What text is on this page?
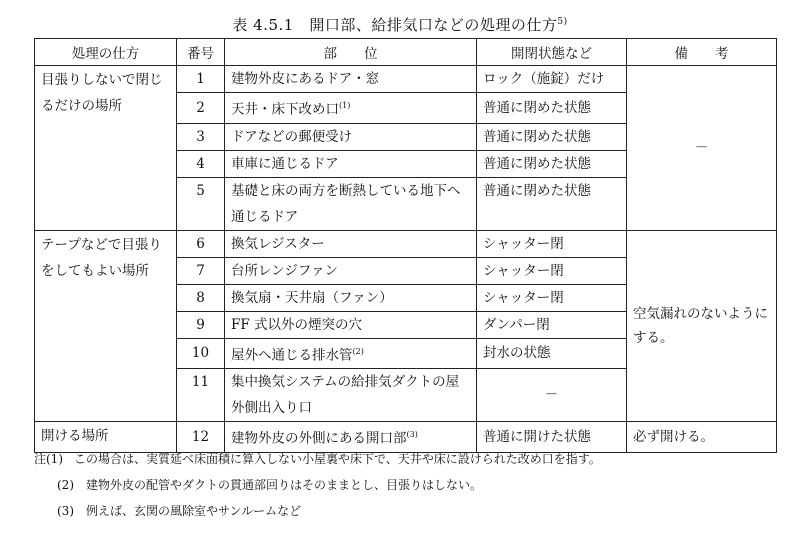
表 4.5.1　開口部、給排気口などの処理の仕方$^{5)}$
処理の仕方	番号	部　　位	開閉状態など	備　　考
目張りしないで閉じるだけの場所	1	建物外皮にあるドア・窓	ロック（施錠）だけ	－
	2	天井・床下改め口$^{(1)}$	普通に閉めた状態	
	3	ドアなどの郵便受け	普通に閉めた状態	
	4	車庫に通じるドア	普通に閉めた状態	
	5	基礎と床の両方を断熱している地下へ通じるドア	普通に閉めた状態	

テープなどで目張りをしてもよい場所	6	換気レジスター	シャッター閉	空気漏れのないようにする。
	7	台所レンジファン	シャッター閉	
	8	換気扇・天井扇（ファン）	シャッター閉	
	9	FF 式以外の煙突の穴	ダンパー閉	
	10	屋外へ通じる排水管$^{(2)}$	封水の状態	
	11	集中換気システムの給排気ダクトの屋外側出入り口	－	

開ける場所	12	建物外皮の外側にある開口部$^{(3)}$	普通に開けた状態	必ず開ける。
注(1) この場合は、実質延べ床面積に算入しない小屋裏や床下で、天井や床に設けられた改め口を指す。
(2) 建物外皮の配管やダクトの貫通部回りはそのままとし、目張りはしない。
(3) 例えば、玄関の風除室やサンルームなど
